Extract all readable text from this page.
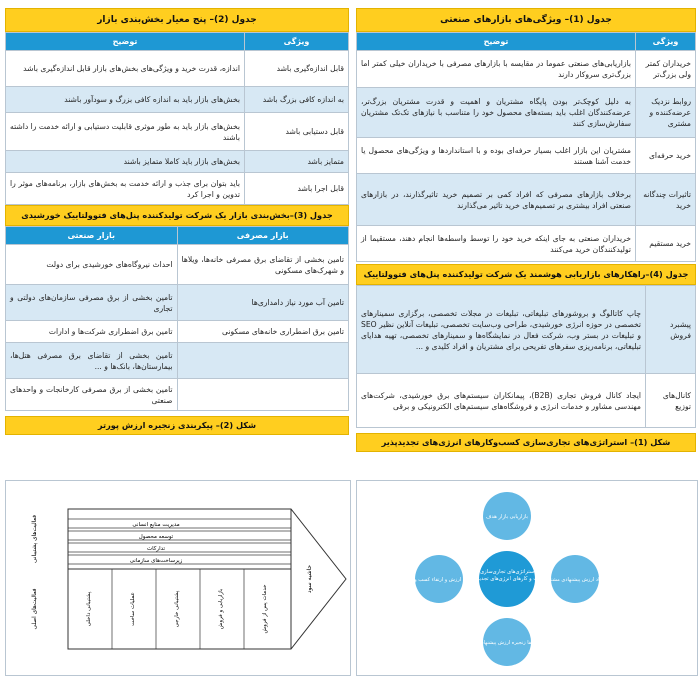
جدول (1)– ویژگی‌های بازارهای صنعتی
ویژگی	توضیح
خریداران کمتر ولی بزرگ‌تر	بازاریابی‌های صنعتی عموما در مقایسه با بازارهای مصرفی با خریداران خیلی کمتر اما بزرگ‌تری سروکار دارند
روابط نزدیک عرضه‌کننده و مشتری	به دلیل کوچک‌تر بودن پایگاه مشتریان و اهمیت و قدرت مشتریان بزرگ‌تر، عرضه‌کنندگان اغلب باید بسته‌های محصول خود را متناسب با نیازهای تک‌تک مشتریان سفارش‌سازی کنند
خرید حرفه‌ای	مشتریان این بازار اغلب بسیار حرفه‌ای بوده و با استانداردها و ویژگی‌های محصول یا خدمت آشنا هستند
تاثیرات چندگانه خرید	برخلاف بازارهای مصرفی که افراد کمی بر تصمیم خرید تاثیرگذارند، در بازارهای صنعتی افراد بیشتری بر تصمیم‌های خرید تاثیر می‌گذارند
خرید مستقیم	خریداران صنعتی به جای اینکه خرید خود را توسط واسطه‌ها انجام دهند، مستقیما از تولیدکنندگان خرید می‌کنند
جدول (4)–راهکارهای بازاریابی هوشمند یک شرکت تولیدکننده پنل‌های فتوولتاییک
پیشبرد فروش	چاپ کاتالوگ و بروشورهای تبلیغاتی، تبلیغات در مجلات تخصصی، برگزاری سمینارهای تخصصی در حوزه انرژی خورشیدی، طراحی وب‌سایت تخصصی، تبلیغات آنلاین نظیر SEO و تبلیغات در بستر وب، شرکت فعال در نمایشگاه‌ها و سمینارهای تخصصی، تهیه هدایای تبلیغاتی، برنامه‌ریزی سفرهای تفریحی برای مشتریان و افراد کلیدی و ...
کانال‌های توزیع	ایجاد کانال فروش تجاری (B2B)، پیمانکاران سیستم‌های برق خورشیدی، شرکت‌های مهندسی مشاور و خدمات انرژی و فروشگاه‌های سیستم‌های الکترونیکی و برقی
شکل (1)– استراتژی‌های تجاری‌سازی کسب‌وکارهای انرژی‌های تجدیدپذیر
جدول (2)– پنج معیار بخش‌بندی بازار
ویژگی	توضیح
قابل اندازه‌گیری باشد	اندازه، قدرت خرید و ویژگی‌های بخش‌های بازار قابل اندازه‌گیری باشد
به اندازه کافی بزرگ باشد	بخش‌های بازار باید به اندازه کافی بزرگ و سودآور باشند
قابل دستیابی باشد	بخش‌های بازار باید به طور موثری قابلیت دستیابی و ارائه خدمت را داشته باشند
متمایز باشد	بخش‌های بازار باید کاملا متمایز باشند
قابل اجرا باشد	باید بتوان برای جذب و ارائه خدمت به بخش‌های بازار، برنامه‌های موثر را تدوین و اجرا کرد
جدول (3)–بخش‌بندی بازار یک شرکت تولیدکننده پنل‌های فتوولتاییک خورشیدی
بازار مصرفی	بازار صنعتی
تامین بخشی از تقاضای برق مصرفی خانه‌ها، ویلاها و شهرک‌های مسکونی	احداث نیروگاه‌های خورشیدی برای دولت
تامین آب مورد نیاز دامداری‌ها	تامین بخشی از برق مصرفی سازمان‌های دولتی و تجاری
تامین برق اضطراری خانه‌های مسکونی	تامین برق اضطراری شرکت‌ها و ادارات
	تامین بخشی از تقاضای برق مصرفی هتل‌ها، بیمارستان‌ها، بانک‌ها و ...
	تامین بخشی از برق مصرفی کارخانجات و واحدهای صنعتی
شکل (2)– پیکربندی زنجیره ارزش پورتر
استراتژی‌های تجاری‌سازی کسب و کارهای انرژی‌های تجدیدپذیر
بازاریابی بازار هدف
ایجاد ارزش پیشنهادی مشتری
ارتقا زنجیره ارزش پیشنهادی
خلق ارزش و ارتقاء کسب و کار
مدیریت منابع انسانی
توسعه محصول
تدارکات
زیرساخت‌های سازمانی
پشتیبانی داخلی	عملیات ساخت	پشتیبانی خارجی	بازاریابی و فروش	خدمات پس از فروش
حاشیه سود
فعالیت‌های پشتیبانی
فعالیت‌های اصلی
